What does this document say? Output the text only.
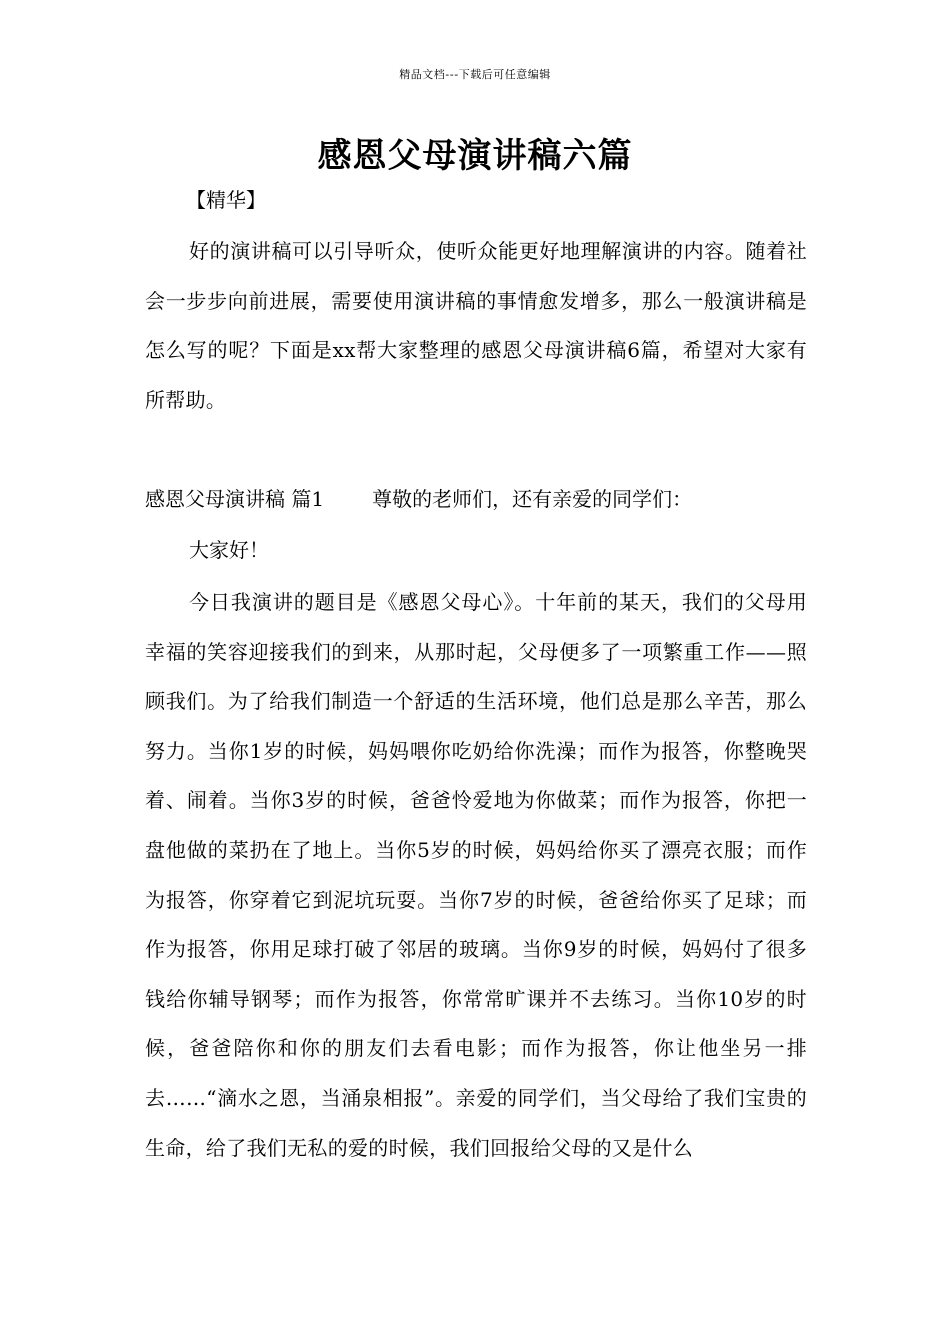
精品文档---下载后可任意编辑
感恩父母演讲稿六篇
【精华】
好的演讲稿可以引导听众，使听众能更好地理解演讲的内容。随着社会一步步向前进展，需要使用演讲稿的事情愈发增多，那么一般演讲稿是怎么写的呢？下面是xx帮大家整理的感恩父母演讲稿6篇，希望对大家有所帮助。
感恩父母演讲稿 篇1 尊敬的老师们，还有亲爱的同学们：
大家好！
今日我演讲的题目是《感恩父母心》。十年前的某天，我们的父母用幸福的笑容迎接我们的到来，从那时起，父母便多了一项繁重工作——照顾我们。为了给我们制造一个舒适的生活环境，他们总是那么辛苦，那么努力。当你1岁的时候，妈妈喂你吃奶给你洗澡；而作为报答，你整晚哭着、闹着。当你3岁的时候，爸爸怜爱地为你做菜；而作为报答，你把一盘他做的菜扔在了地上。当你5岁的时候，妈妈给你买了漂亮衣服；而作为报答，你穿着它到泥坑玩耍。当你7岁的时候，爸爸给你买了足球；而作为报答，你用足球打破了邻居的玻璃。当你9岁的时候，妈妈付了很多钱给你辅导钢琴；而作为报答，你常常旷课并不去练习。当你10岁的时候，爸爸陪你和你的朋友们去看电影；而作为报答，你让他坐另一排去……“滴水之恩，当涌泉相报”。亲爱的同学们，当父母给了我们宝贵的生命，给了我们无私的爱的时候，我们回报给父母的又是什么
